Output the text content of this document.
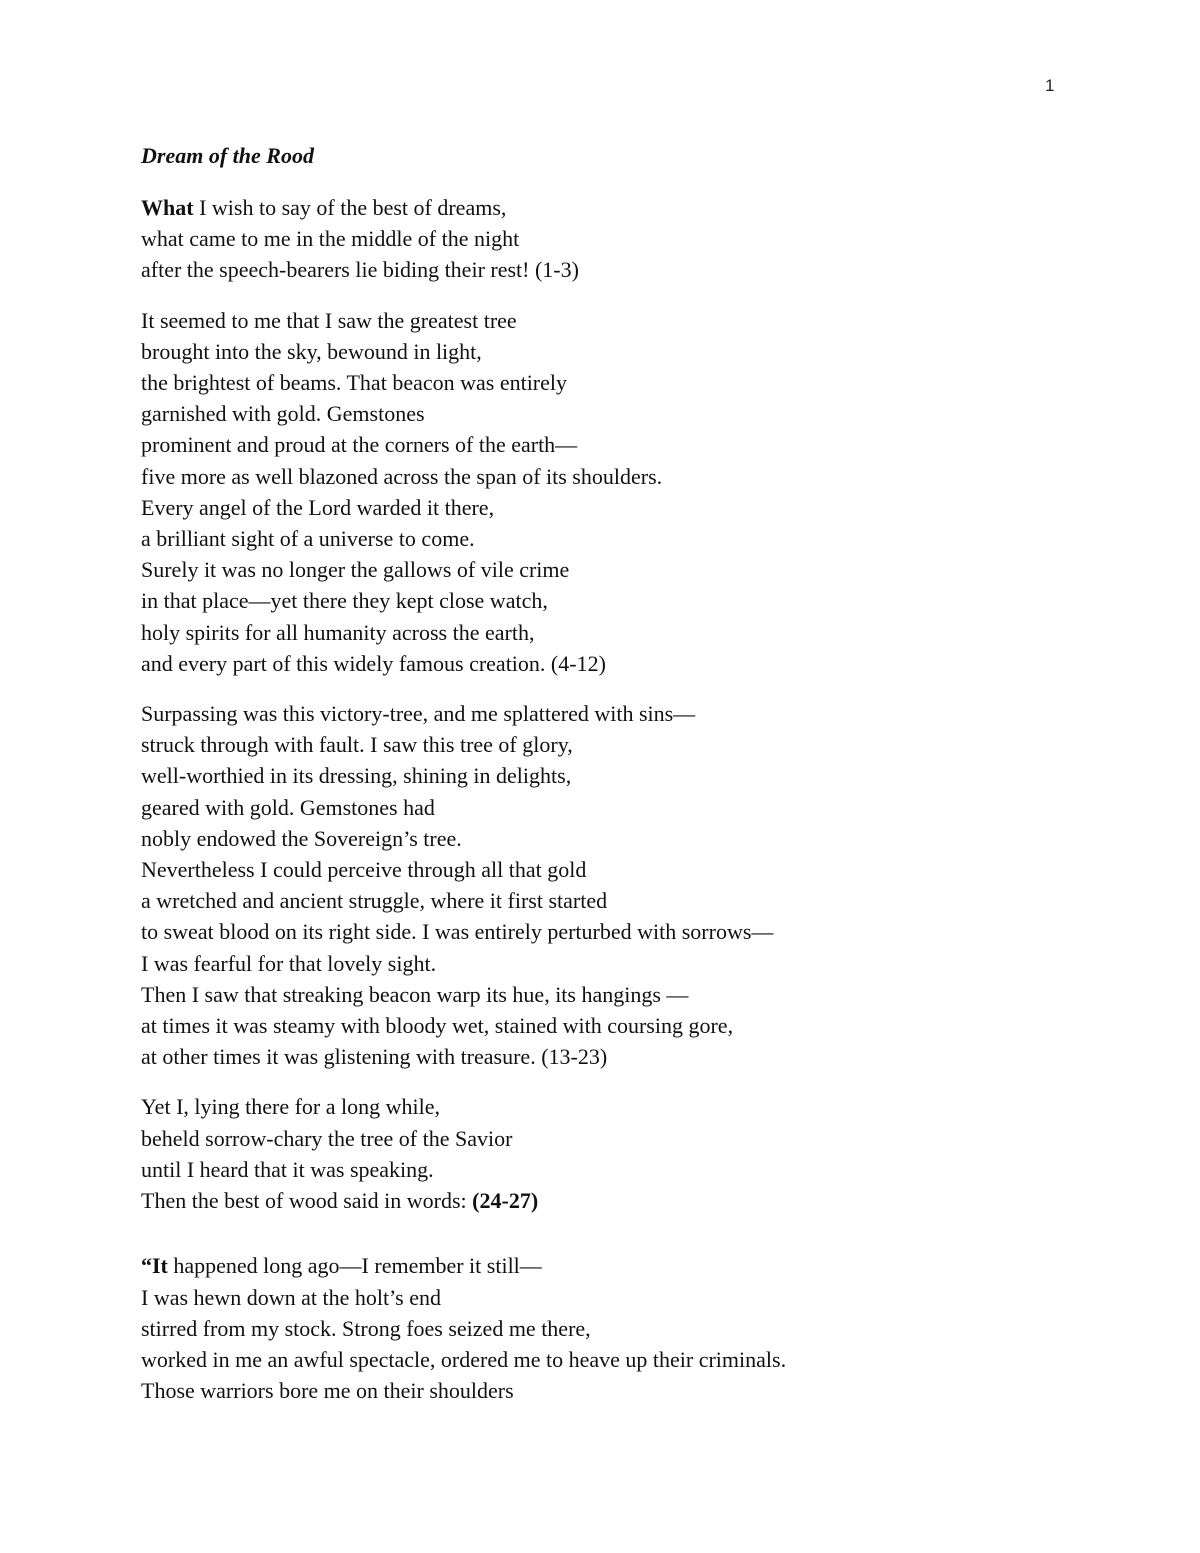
1
Dream of the Rood
What I wish to say of the best of dreams,
what came to me in the middle of the night
after the speech-bearers lie biding their rest! (1-3)
It seemed to me that I saw the greatest tree
brought into the sky, bewound in light,
the brightest of beams. That beacon was entirely
garnished with gold. Gemstones
prominent and proud at the corners of the earth—
five more as well blazoned across the span of its shoulders.
Every angel of the Lord warded it there,
a brilliant sight of a universe to come.
Surely it was no longer the gallows of vile crime
in that place—yet there they kept close watch,
holy spirits for all humanity across the earth,
and every part of this widely famous creation. (4-12)
Surpassing was this victory-tree, and me splattered with sins—
struck through with fault. I saw this tree of glory,
well-worthied in its dressing, shining in delights,
geared with gold. Gemstones had
nobly endowed the Sovereign’s tree.
Nevertheless I could perceive through all that gold
a wretched and ancient struggle, where it first started
to sweat blood on its right side. I was entirely perturbed with sorrows—
I was fearful for that lovely sight.
Then I saw that streaking beacon warp its hue, its hangings —
at times it was steamy with bloody wet, stained with coursing gore,
at other times it was glistening with treasure. (13-23)
Yet I, lying there for a long while,
beheld sorrow-chary the tree of the Savior
until I heard that it was speaking.
Then the best of wood said in words: (24-27)
“It happened long ago—I remember it still—
I was hewn down at the holt’s end
stirred from my stock. Strong foes seized me there,
worked in me an awful spectacle, ordered me to heave up their criminals.
Those warriors bore me on their shoulders
